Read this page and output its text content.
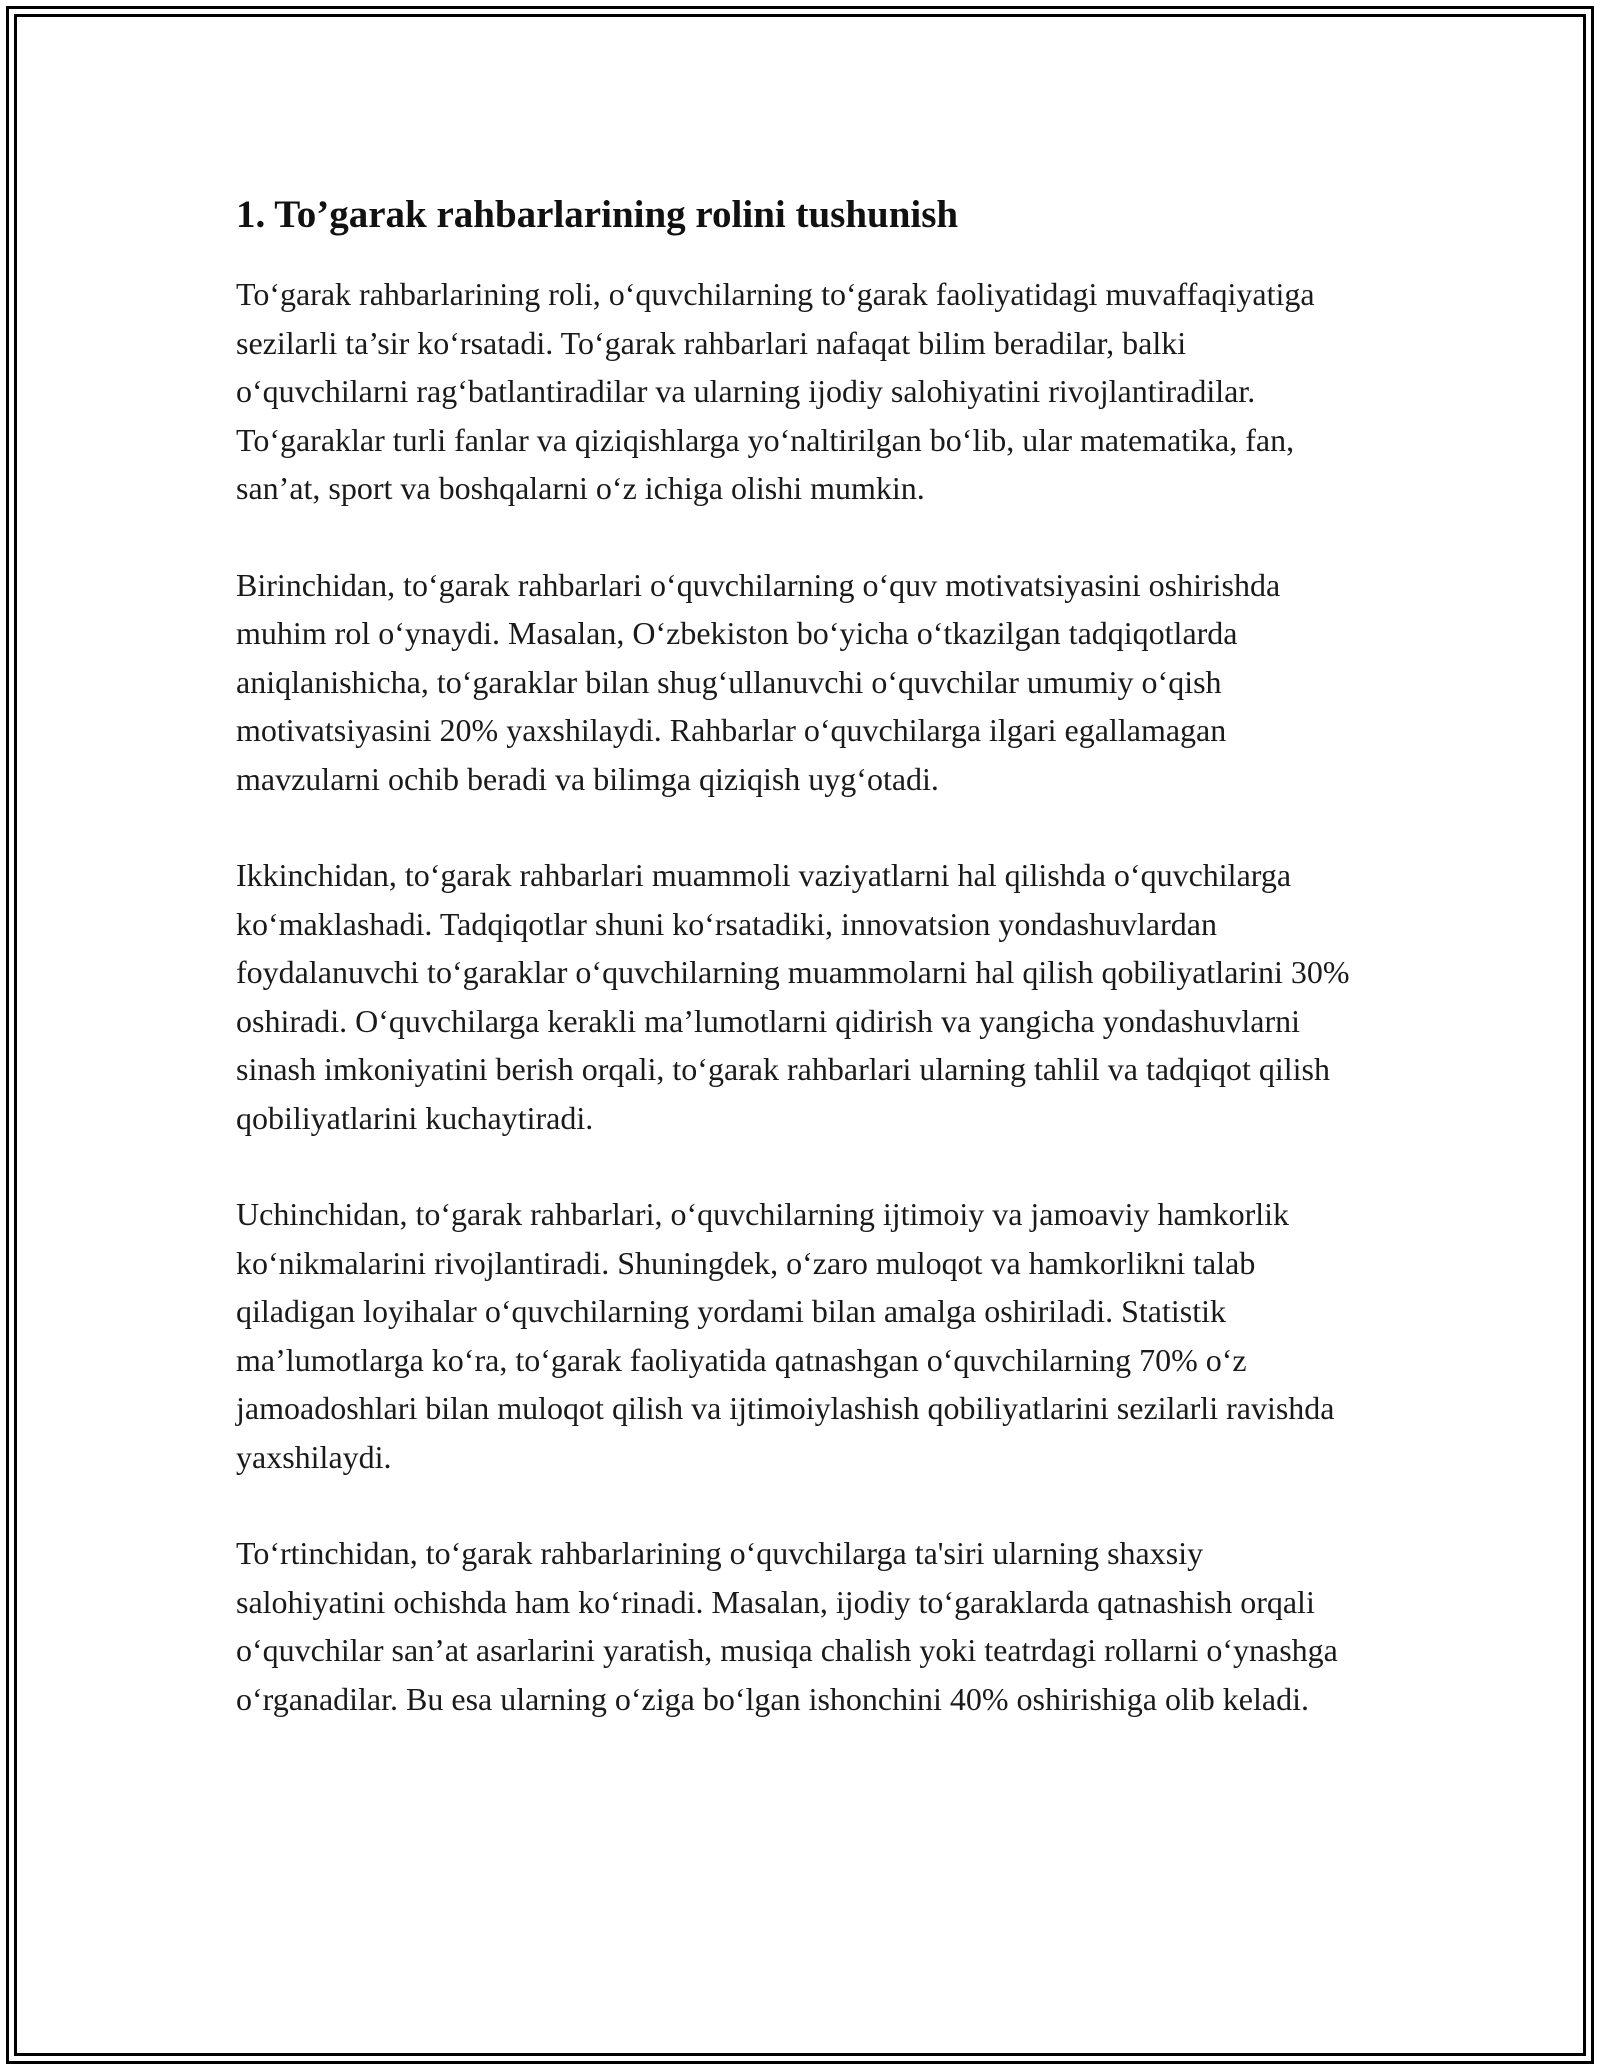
1. To’garak rahbarlarining rolini tushunish

To‘garak rahbarlarining roli, o‘quvchilarning to‘garak faoliyatidagi muvaffaqiyatiga sezilarli ta’sir ko‘rsatadi. To‘garak rahbarlari nafaqat bilim beradilar, balki o‘quvchilarni rag‘batlantiradilar va ularning ijodiy salohiyatini rivojlantiradilar. To‘garaklar turli fanlar va qiziqishlarga yo‘naltirilgan bo‘lib, ular matematika, fan, san’at, sport va boshqalarni o‘z ichiga olishi mumkin.

Birinchidan, to‘garak rahbarlari o‘quvchilarning o‘quv motivatsiyasini oshirishda muhim rol o‘ynaydi. Masalan, O‘zbekiston bo‘yicha o‘tkazilgan tadqiqotlarda aniqlanishicha, to‘garaklar bilan shug‘ullanuvchi o‘quvchilar umumiy o‘qish motivatsiyasini 20% yaxshilaydi. Rahbarlar o‘quvchilarga ilgari egallamagan mavzularni ochib beradi va bilimga qiziqish uyg‘otadi.

Ikkinchidan, to‘garak rahbarlari muammoli vaziyatlarni hal qilishda o‘quvchilarga ko‘maklashadi. Tadqiqotlar shuni ko‘rsatadiki, innovatsion yondashuvlardan foydalanuvchi to‘garaklar o‘quvchilarning muammolarni hal qilish qobiliyatlarini 30% oshiradi. O‘quvchilarga kerakli ma’lumotlarni qidirish va yangicha yondashuvlarni sinash imkoniyatini berish orqali, to‘garak rahbarlari ularning tahlil va tadqiqot qilish qobiliyatlarini kuchaytiradi.

Uchinchidan, to‘garak rahbarlari, o‘quvchilarning ijtimoiy va jamoaviy hamkorlik ko‘nikmalarini rivojlantiradi. Shuningdek, o‘zaro muloqot va hamkorlikni talab qiladigan loyihalar o‘quvchilarning yordami bilan amalga oshiriladi. Statistik ma’lumotlarga ko‘ra, to‘garak faoliyatida qatnashgan o‘quvchilarning 70% o‘z jamoadoshlari bilan muloqot qilish va ijtimoiylashish qobiliyatlarini sezilarli ravishda yaxshilaydi.

To‘rtinchidan, to‘garak rahbarlarining o‘quvchilarga ta'siri ularning shaxsiy salohiyatini ochishda ham ko‘rinadi. Masalan, ijodiy to‘garaklarda qatnashish orqali o‘quvchilar san’at asarlarini yaratish, musiqa chalish yoki teatrdagi rollarni o‘ynashga o‘rganadilar. Bu esa ularning o‘ziga bo‘lgan ishonchini 40% oshirishiga olib keladi.
